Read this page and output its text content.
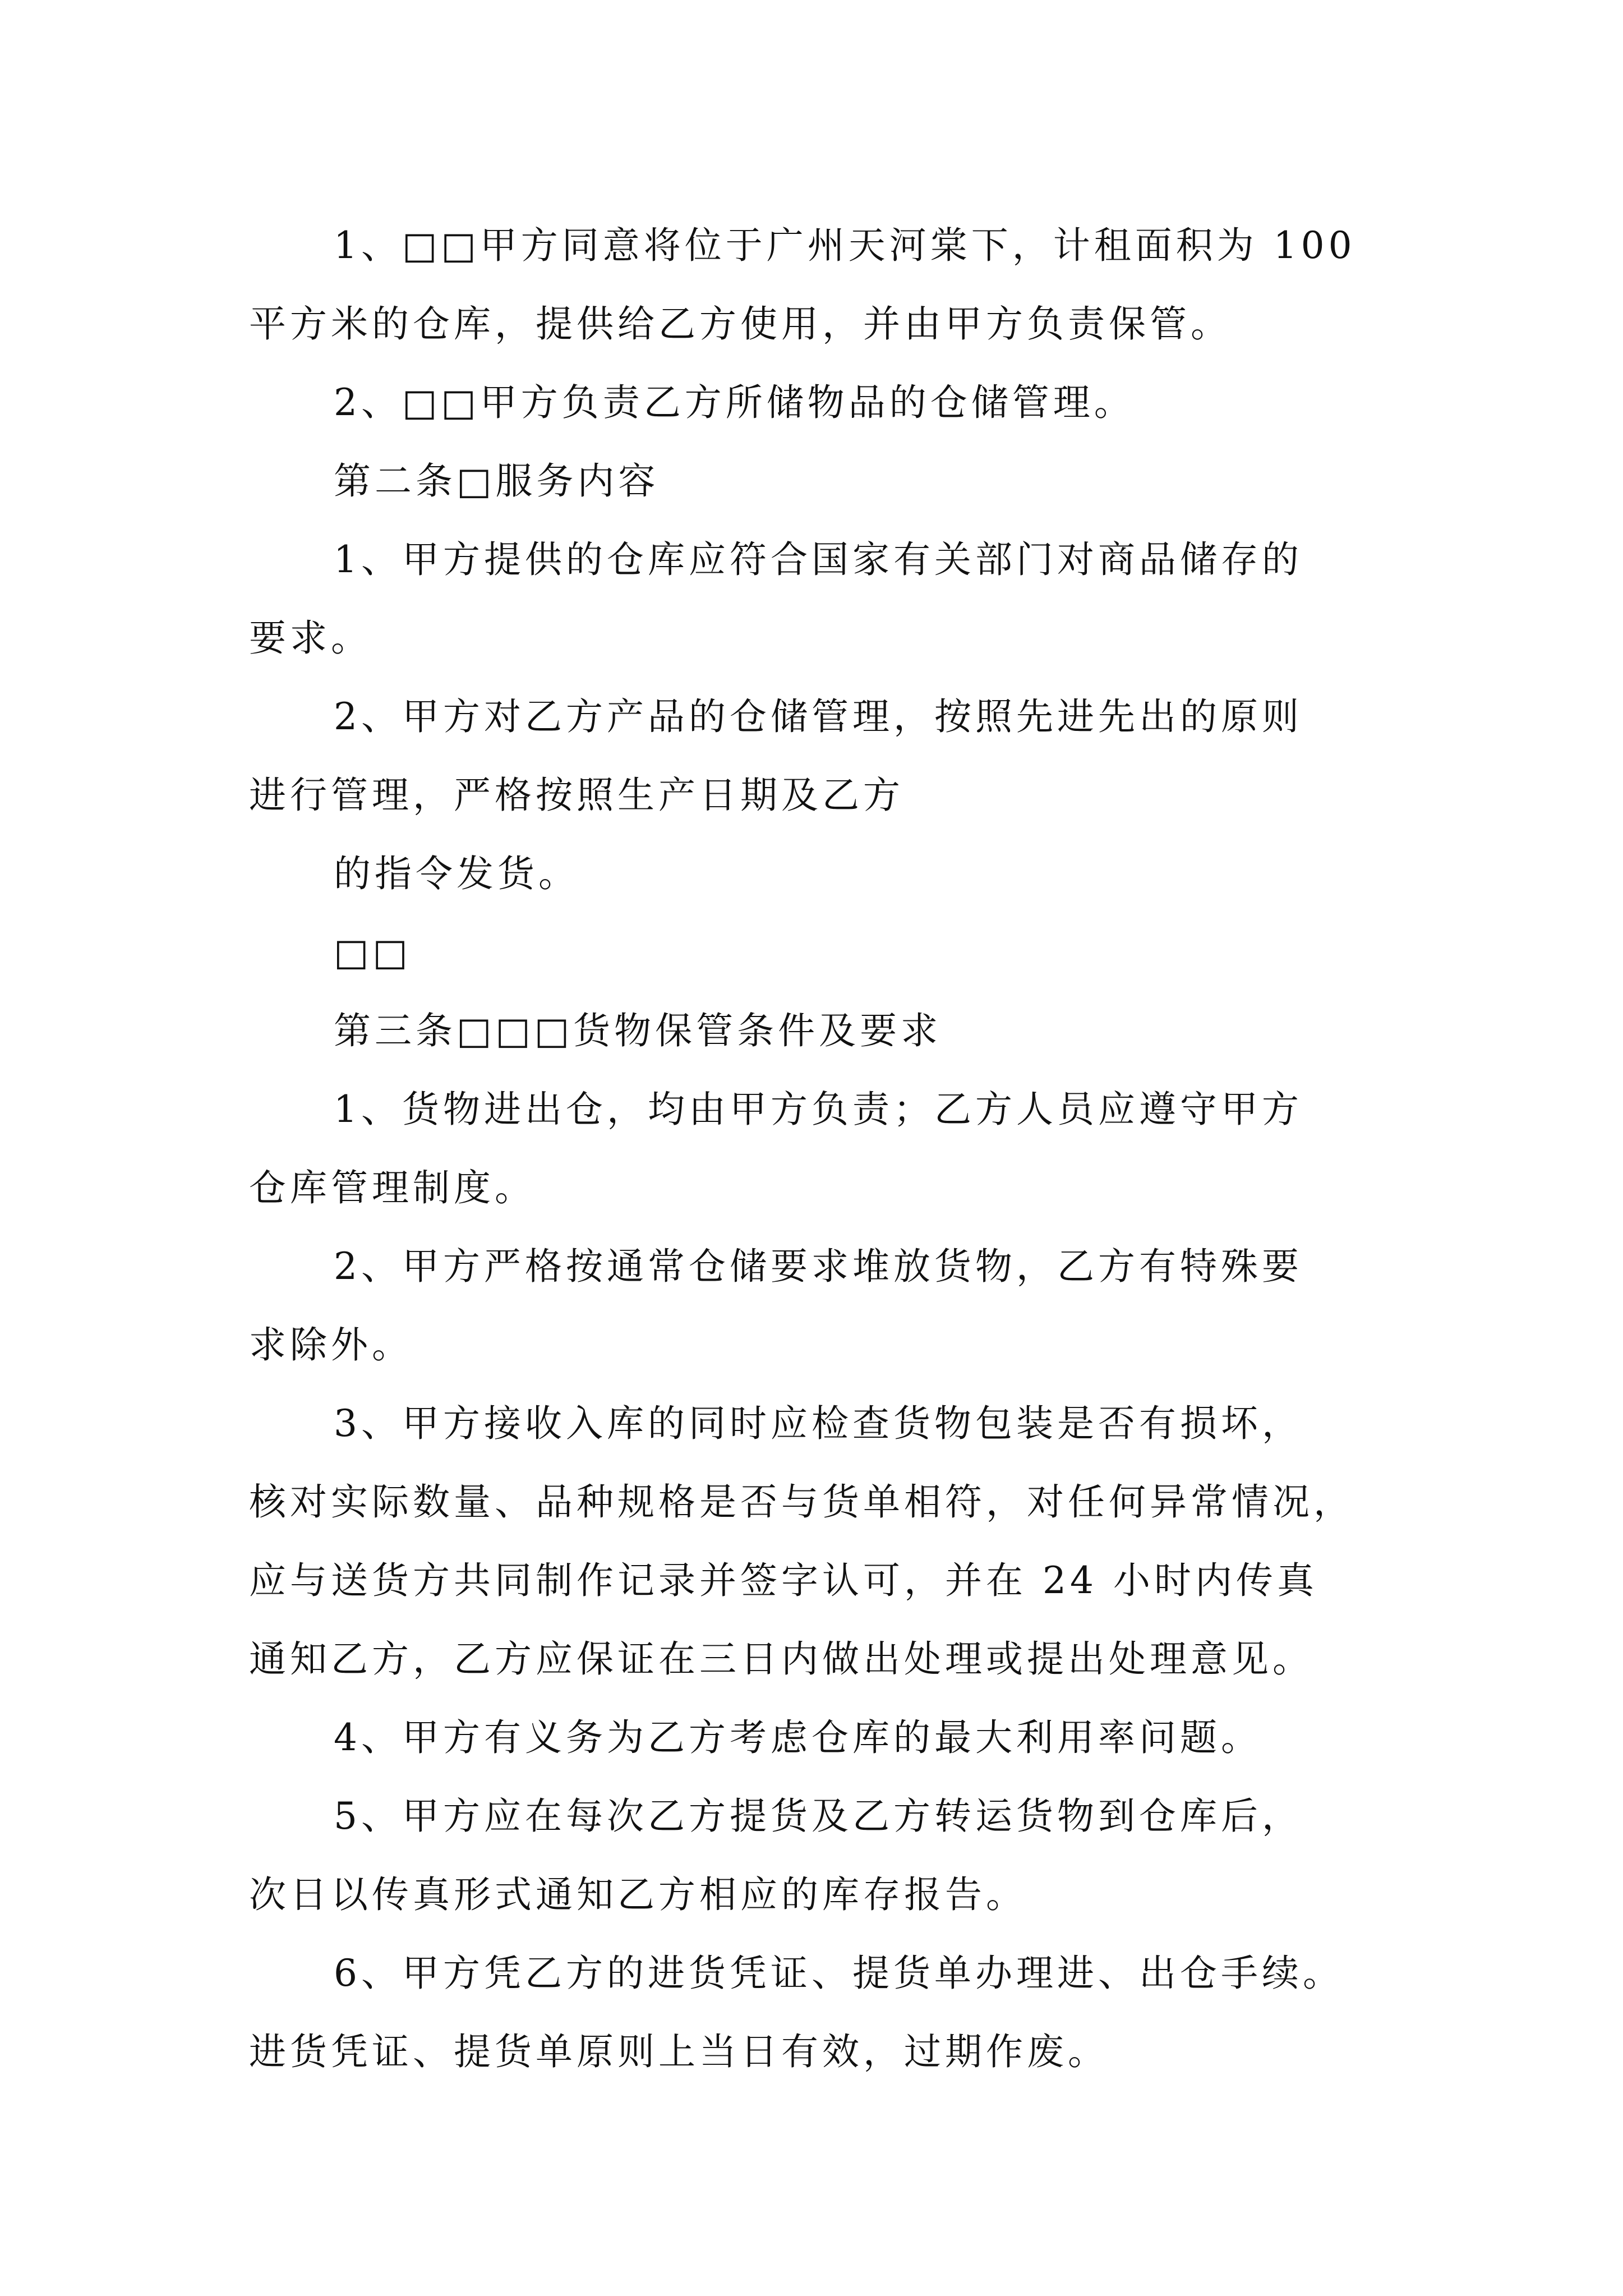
1、□□甲方同意将位于广州天河棠下，计租面积为 100
平方米的仓库，提供给乙方使用，并由甲方负责保管。
2、□□甲方负责乙方所储物品的仓储管理。
第二条□服务内容
1、甲方提供的仓库应符合国家有关部门对商品储存的
要求。
2、甲方对乙方产品的仓储管理，按照先进先出的原则
进行管理，严格按照生产日期及乙方
的指令发货。
□□
第三条□□□货物保管条件及要求
1、货物进出仓，均由甲方负责；乙方人员应遵守甲方
仓库管理制度。
2、甲方严格按通常仓储要求堆放货物，乙方有特殊要
求除外。
3、甲方接收入库的同时应检查货物包装是否有损坏，
核对实际数量、品种规格是否与货单相符，对任何异常情况，
应与送货方共同制作记录并签字认可，并在 24 小时内传真
通知乙方，乙方应保证在三日内做出处理或提出处理意见。
4、甲方有义务为乙方考虑仓库的最大利用率问题。
5、甲方应在每次乙方提货及乙方转运货物到仓库后，
次日以传真形式通知乙方相应的库存报告。
6、甲方凭乙方的进货凭证、提货单办理进、出仓手续。
进货凭证、提货单原则上当日有效，过期作废。
